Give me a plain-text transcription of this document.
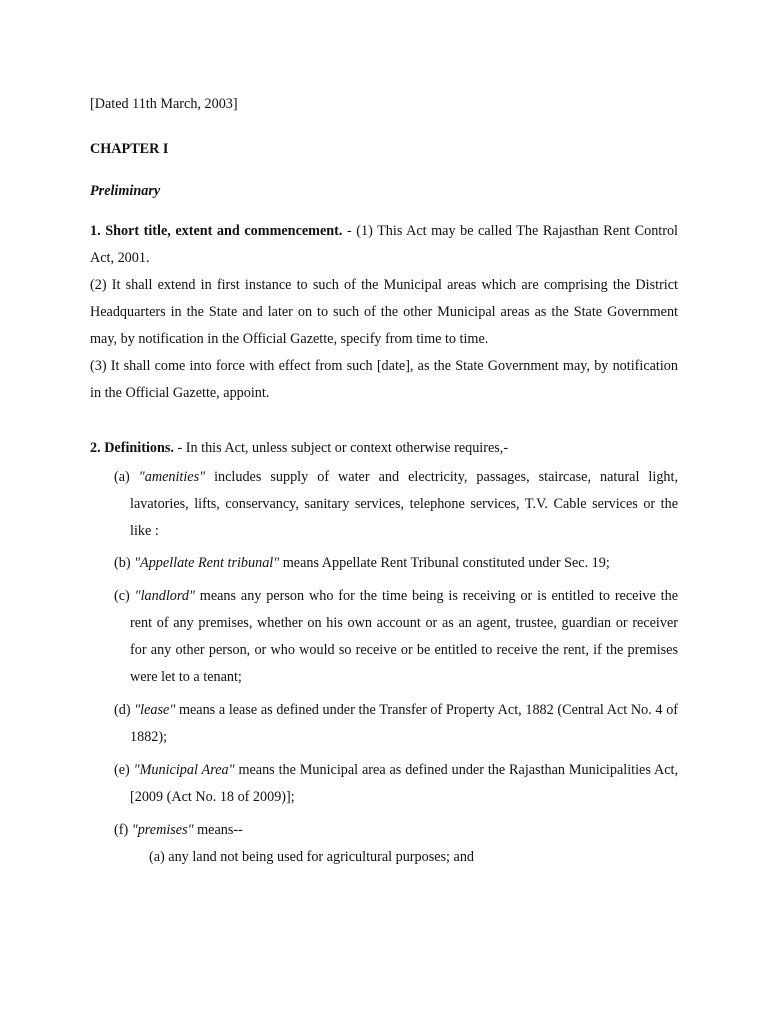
[Dated 11th March, 2003]

CHAPTER I

Preliminary

1. Short title, extent and commencement. - (1) This Act may be called The Rajasthan Rent Control Act, 2001.
(2) It shall extend in first instance to such of the Municipal areas which are comprising the District Headquarters in the State and later on to such of the other Municipal areas as the State Government may, by notification in the Official Gazette, specify from time to time.
(3) It shall come into force with effect from such [date], as the State Government may, by notification in the Official Gazette, appoint.

2. Definitions. - In this Act, unless subject or context otherwise requires,-

(a) "amenities" includes supply of water and electricity, passages, staircase, natural light, lavatories, lifts, conservancy, sanitary services, telephone services, T.V. Cable services or the like :
(b) "Appellate Rent tribunal" means Appellate Rent Tribunal constituted under Sec. 19;
(c) "landlord" means any person who for the time being is receiving or is entitled to receive the rent of any premises, whether on his own account or as an agent, trustee, guardian or receiver for any other person, or who would so receive or be entitled to receive the rent, if the premises were let to a tenant;
(d) "lease" means a lease as defined under the Transfer of Property Act, 1882 (Central Act No. 4 of 1882);
(e) "Municipal Area" means the Municipal area as defined under the Rajasthan Municipalities Act, [2009 (Act No. 18 of 2009)];
(f) "premises" means--

(a) any land not being used for agricultural purposes; and
